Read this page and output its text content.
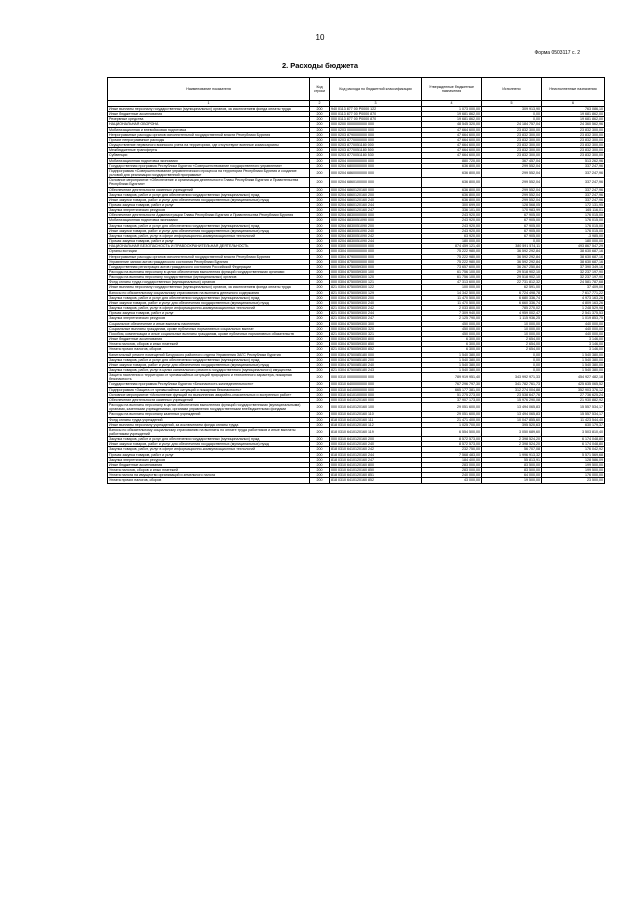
10
Форма 0503117 с. 2
2. Расходы бюджета
Наименование показателя	Код строки	Код расхода по бюджетной классификации	Утвержденные бюджетные назначения	Исполнено	Неисполненные назначения
1	2	3	4	5	6
Иные выплаты персоналу государственных (муниципальных) органов, за исключением фонда оплаты труда	200	940 0113 877 00 P0000 122	1 073 000,00	309 913,90	763 086,10
Иные бюджетные ассигнования	200	000 0113 877 00 P0000 870	19 681 862,00	0,00	19 681 862,00
Резервные средства	200	000 0113 877 00 P0000 870	19 681 862,00	0,00	19 681 862,00
НАЦИОНАЛЬНАЯ ОБОРОНА	200	000 0200 0000000000 000	48 545 320,00	24 184 757,04	24 360 562,96
Мобилизационная и вневойсковая подготовка	200	000 0203 0000000000 000	47 664 600,00	23 832 300,00	23 832 300,00
Непрограммные расходы органов исполнительной государственной власти Республики Бурятия	200	000 0203 8790000000 000	47 664 600,00	23 832 300,00	23 832 300,00
Прочие непрограммные расходы	200	000 0203 8770000000 000	47 664 600,00	23 832 300,00	23 832 300,00
Осуществление первичного воинского учета на территориях, где отсутствуют военные комиссариаты	200	000 0203 8770051180 000	47 664 600,00	23 832 300,00	23 832 300,00
Межбюджетные трансферты	200	000 0203 8770051180 500	47 664 600,00	23 832 300,00	23 832 300,00
Субвенции	200	000 0203 8770051180 530	47 664 600,00	23 832 300,00	23 832 300,00
Мобилизационная подготовка экономики	200	000 0204 0000000000 000	880 720,00	367 457,04	513 262,96
Государственная программа Республики Бурятия «Совершенствование государственного управления»	200	000 0204 6800000000 000	636 800,00	299 552,04	337 247,96
Подпрограмма «Совершенствование управленческого процесса на территории Республики Бурятия и создание условий для реализации государственной программы»	200	000 0204 6860000000 000	636 800,00	299 552,04	337 247,96
Основное мероприятие «Обеспечение и организация деятельности Главы Республики Бурятия и Правительства Республики Бурятия»	200	000 0204 6860100000 000	636 800,00	299 552,04	337 247,96
Обеспечение деятельности казенных учреждений	200	000 0204 6860120160 000	636 800,00	299 552,04	337 247,96
Закупка товаров, работ и услуг для обеспечения государственных (муниципальных) нужд	200	000 0204 6860120160 200	636 800,00	299 552,04	337 247,96
Иные закупки товаров, работ и услуг для обеспечения государственных (муниципальных) нужд	200	000 0204 6860120160 240	636 800,00	299 552,04	337 247,96
Прочая закупка товаров, работ и услуг	200	000 0204 6860120160 244	300 699,00	128 568,05	172 131,95
Закупка энергетических ресурсов	200	000 0204 6860120160 247	336 101,00	170 983,99	165 116,01
Обеспечение деятельности Администрации Главы Республики Бурятия и Правительства Республики Бурятия	200	000 0204 8830000000 000	243 920,00	67 905,00	176 015,00
Мобилизационная подготовка экономики	200	000 0204 8830051090 000	243 920,00	67 905,00	176 015,00
Закупка товаров, работ и услуг для обеспечения государственных (муниципальных) нужд	200	000 0204 8830051090 200	243 920,00	67 905,00	176 015,00
Иные закупки товаров, работ и услуг для обеспечения государственных (муниципальных) нужд	200	000 0204 8830051090 240	243 920,00	67 905,00	176 015,00
Закупка товаров, работ, услуг в сфере информационно-коммуникационных технологий	200	000 0204 8830051090 242	63 920,00	67 905,00	-3 985,00
Прочая закупка товаров, работ и услуг	200	000 0204 8830051090 244	180 000,00	0,00	180 000,00
НАЦИОНАЛЬНАЯ БЕЗОПАСНОСТЬ И ПРАВООХРАНИТЕЛЬНАЯ ДЕЯТЕЛЬНОСТЬ	200	000 0300 0000000000 000	874 459 121,40	380 591 574,11	493 867 547,29
Органы юстиции	200	000 0304 0000000000 000	75 222 980,00	36 592 292,84	38 630 687,16
Непрограммные расходы органов исполнительной государственной власти Республики Бурятия	200	000 0304 8790000000 000	75 222 980,00	36 592 292,84	38 630 687,16
Управление записи актов гражданского состояния Республики Бурятия	200	000 0304 8750000000 000	75 222 980,00	36 592 292,84	38 630 687,16
Государственная регистрация актов гражданского состояния Российской Федерации	200	000 0304 8750059300 000	73 657 600,00	36 267 250,84	37 390 349,16
Расходы на выплаты персоналу в целях обеспечения выполнения функций государственными органами	200	000 0304 8750059300 100	61 756 100,00	29 518 902,10	32 237 197,90
Расходы на выплаты персоналу государственных (муниципальных) органов	200	000 0304 8750059300 120	61 756 100,00	29 518 902,10	32 237 197,90
Фонд оплаты труда государственных (муниципальных) органов	200	000 0304 8750059300 121	47 313 600,00	22 731 812,32	24 581 787,68
Иные выплаты персоналу государственных (муниципальных) органов, за исключением фонда оплаты труда	200	821 0304 8750059300 122	100 000,00	62 591,00	37 409,00
Взносы по обязательному социальному страхованию на выплаты денежного содержания	200	821 0304 8750059300 129	14 342 500,00	6 724 498,78	7 617 771,22
Закупка товаров, работ и услуг для обеспечения государственных (муниципальных) нужд	200	000 0304 8750059300 200	11 470 500,00	6 680 336,74	4 973 163,26
Иные закупки товаров, работ и услуг для обеспечения государственных (муниципальных) нужд	200	000 0304 8750059300 240	11 470 500,00	6 660 336,74	4 809 163,26
Закупка товаров, работ, услуг в сфере информационно-коммуникационных технологий	200	821 0304 8750059300 242	2 033 800,00	785 270,02	1 248 529,98
Прочая закупка товаров, работ и услуг	200	821 0304 8750059300 244	7 309 940,00	4 959 002,47	2 541 375,53
Закупка энергетических ресурсов	200	821 0304 8750059300 247	2 125 790,00	1 115 936,25	1 019 853,75
Социальное обеспечение и иные выплаты населению	200	000 0304 8750059300 300	450 000,00	10 000,00	440 000,00
Социальные выплаты гражданам, кроме публичных нормативных социальных выплат	200	000 0304 8750059300 320	450 000,00	10 000,00	440 000,00
Пособия, компенсации и иные социальные выплаты гражданам, кроме публичных нормативных обязательств	200	821 0304 8750059300 321	450 000,00	10 000,00	440 000,00
Иные бюджетные ассигнования	200	000 0304 8750059300 800	6 300,00	2 654,00	3 146,00
Уплата налогов, сборов и иных платежей	200	000 0304 8750059300 850	6 300,00	2 654,00	3 146,00
Уплата прочих налогов, сборов	200	821 0304 8750059300 852	6 300,00	2 654,00	3 146,00
Капитальный ремонт помещений Бичурского районного отдела Управления ЗАГС Республики Бурятия	200	000 0304 8750085180 000	1 540 380,00	0,00	1 540 380,00
Закупка товаров, работ и услуг для обеспечения государственных (муниципальных) нужд	200	000 0304 8750085180 200	1 540 380,00	0,00	1 540 380,00
Иные закупки товаров, работ и услуг для обеспечения государственных (муниципальных) нужд	200	000 0304 8750085180 240	1 540 380,00	0,00	1 540 380,00
Закупка товаров, работ, услуг в целях капитального ремонта государственного (муниципального) имущества	200	821 0304 8750085180 243	1 540 380,00	0,00	1 540 380,00
Защита населения и территории от чрезвычайных ситуаций природного и техногенного характера, пожарная безопасность	200	000 0310 0000000000 000	789 919 951,40	343 992 971,33	454 927 482,18
Государственная программа Республики Бурятия «Безопасность жизнедеятельности»	200	000 0310 6400000000 000	767 296 797,30	341 782 761,73	425 635 065,52
Подпрограмма «Защита от чрезвычайных ситуаций и пожарная безопасность»	200	000 0310 6410000000 000	665 177 381,00	312 274 004,88	352 903 376,12
Основное мероприятие «Исполнение функций по выполнению аварийно-спасательных и экстренных работ»	200	000 0310 6410100000 000	51 275 273,00	23 538 647,76	27 736 625,24
Обеспечение деятельности казенных учреждений	200	000 0310 6410120160 000	37 907 173,00	15 976 290,08	21 930 882,92
Расходы на выплаты персоналу в целях обеспечения выполнения функций государственными (муниципальными) органами, казенными учреждениями, органами управления государственными внебюджетными фондами	200	000 0310 6410120160 100	29 051 600,00	13 494 065,83	15 557 534,17
Расходы на выплаты персоналу казенных учреждений	200	000 0310 6410120160 110	29 051 600,00	13 494 065,83	15 557 534,17
Фонд оплаты труда учреждений	200	818 0310 6410120160 111	21 471 400,00	10 047 855,60	11 423 544,40
Иные выплаты персоналу учреждений, за исключением фонда оплаты труда	200	818 0310 6410120160 112	1 025 700,00	395 520,63	630 179,37
Взносы по обязательному социальному страхованию на выплаты по оплате труда работников и иные выплаты работникам учреждений	200	818 0310 6410120160 119	6 554 500,00	3 050 689,60	3 503 810,40
Закупка товаров, работ и услуг для обеспечения государственных (муниципальных) нужд	200	000 0310 6410120160 200	8 572 573,00	2 398 524,20	6 174 048,80
Иные закупки товаров, работ и услуг для обеспечения государственных (муниципальных) нужд	200	000 0310 6410120160 240	8 572 573,00	2 398 524,20	6 174 048,80
Закупка товаров, работ, услуг в сфере информационно-коммуникационных технологий	200	818 0310 6410120160 242	232 750,00	56 707,08	176 042,92
Прочая закупка товаров, работ и услуг	200	818 0310 6410120160 244	7 568 483,00	1 996 913,32	5 571 569,68
Закупка энергетических ресурсов	200	818 0310 6410120160 247	184 400,00	55 813,91	128 586,09
Иные бюджетные ассигнования	200	000 0310 6410120160 800	283 000,00	83 500,00	199 500,00
Уплата налогов, сборов и иных платежей	200	000 0310 6410120160 850	283 000,00	83 500,00	199 500,00
Уплата налога на имущество организаций и земельного налога	200	818 0310 6410120160 851	240 000,00	64 000,00	176 000,00
Уплата прочих налогов, сборов	200	818 0310 6410120160 852	43 000,00	19 500,00	23 500,00
